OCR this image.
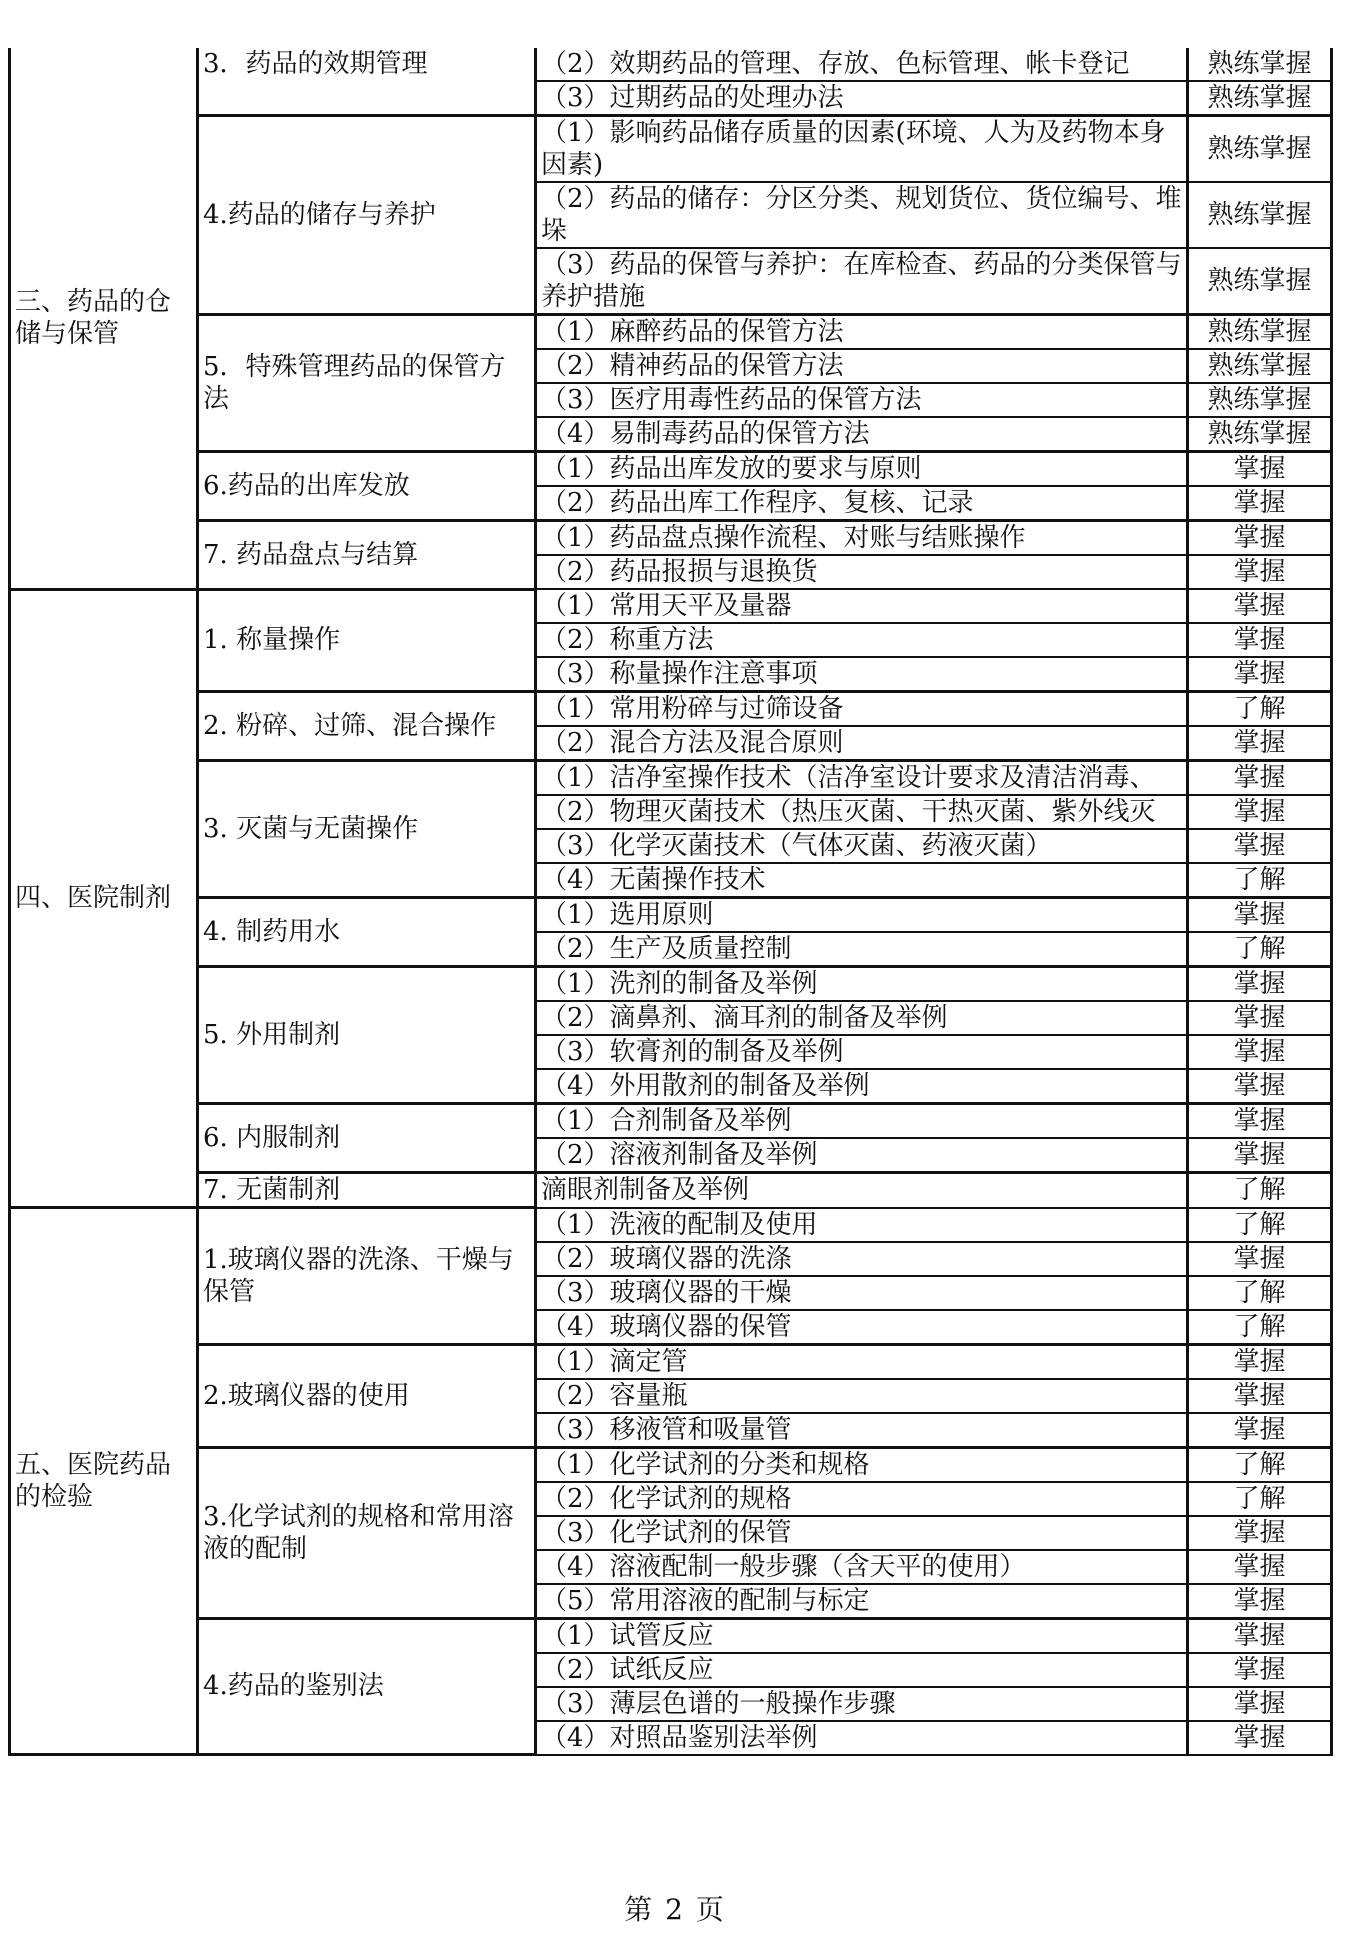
三、药品的仓储与保管	3．药品的效期管理	（2）效期药品的管理、存放、色标管理、帐卡登记	熟练掌握
		（3）过期药品的处理办法	熟练掌握
	4.药品的储存与养护	（1）影响药品储存质量的因素(环境、人为及药物本身因素)	熟练掌握
		（2）药品的储存：分区分类、规划货位、货位编号、堆垛	熟练掌握
		（3）药品的保管与养护：在库检查、药品的分类保管与养护措施	熟练掌握
	5．特殊管理药品的保管方法	（1）麻醉药品的保管方法	熟练掌握
		（2）精神药品的保管方法	熟练掌握
		（3）医疗用毒性药品的保管方法	熟练掌握
		（4）易制毒药品的保管方法	熟练掌握
	6.药品的出库发放	（1）药品出库发放的要求与原则	掌握
		（2）药品出库工作程序、复核、记录	掌握
	7. 药品盘点与结算	（1）药品盘点操作流程、对账与结账操作	掌握
		（2）药品报损与退换货	掌握
四、医院制剂	1. 称量操作	（1）常用天平及量器	掌握
		（2）称重方法	掌握
		（3）称量操作注意事项	掌握
	2. 粉碎、过筛、混合操作	（1）常用粉碎与过筛设备	了解
		（2）混合方法及混合原则	掌握
	3. 灭菌与无菌操作	（1）洁净室操作技术（洁净室设计要求及清洁消毒、	掌握
		（2）物理灭菌技术（热压灭菌、干热灭菌、紫外线灭	掌握
		（3）化学灭菌技术（气体灭菌、药液灭菌）	掌握
		（4）无菌操作技术	了解
	4. 制药用水	（1）选用原则	掌握
		（2）生产及质量控制	了解
	5. 外用制剂	（1）洗剂的制备及举例	掌握
		（2）滴鼻剂、滴耳剂的制备及举例	掌握
		（3）软膏剂的制备及举例	掌握
		（4）外用散剂的制备及举例	掌握
	6. 内服制剂	（1）合剂制备及举例	掌握
		（2）溶液剂制备及举例	掌握
	7. 无菌制剂	滴眼剂制备及举例	了解
五、医院药品的检验	1.玻璃仪器的洗涤、干燥与保管	（1）洗液的配制及使用	了解
		（2）玻璃仪器的洗涤	掌握
		（3）玻璃仪器的干燥	了解
		（4）玻璃仪器的保管	了解
	2.玻璃仪器的使用	（1）滴定管	掌握
		（2）容量瓶	掌握
		（3）移液管和吸量管	掌握
	3.化学试剂的规格和常用溶液的配制	（1）化学试剂的分类和规格	了解
		（2）化学试剂的规格	了解
		（3）化学试剂的保管	掌握
		（4）溶液配制一般步骤（含天平的使用）	掌握
		（5）常用溶液的配制与标定	掌握
	4.药品的鉴别法	（1）试管反应	掌握
		（2）试纸反应	掌握
		（3）薄层色谱的一般操作步骤	掌握
		（4）对照品鉴别法举例	掌握
第 2 页
